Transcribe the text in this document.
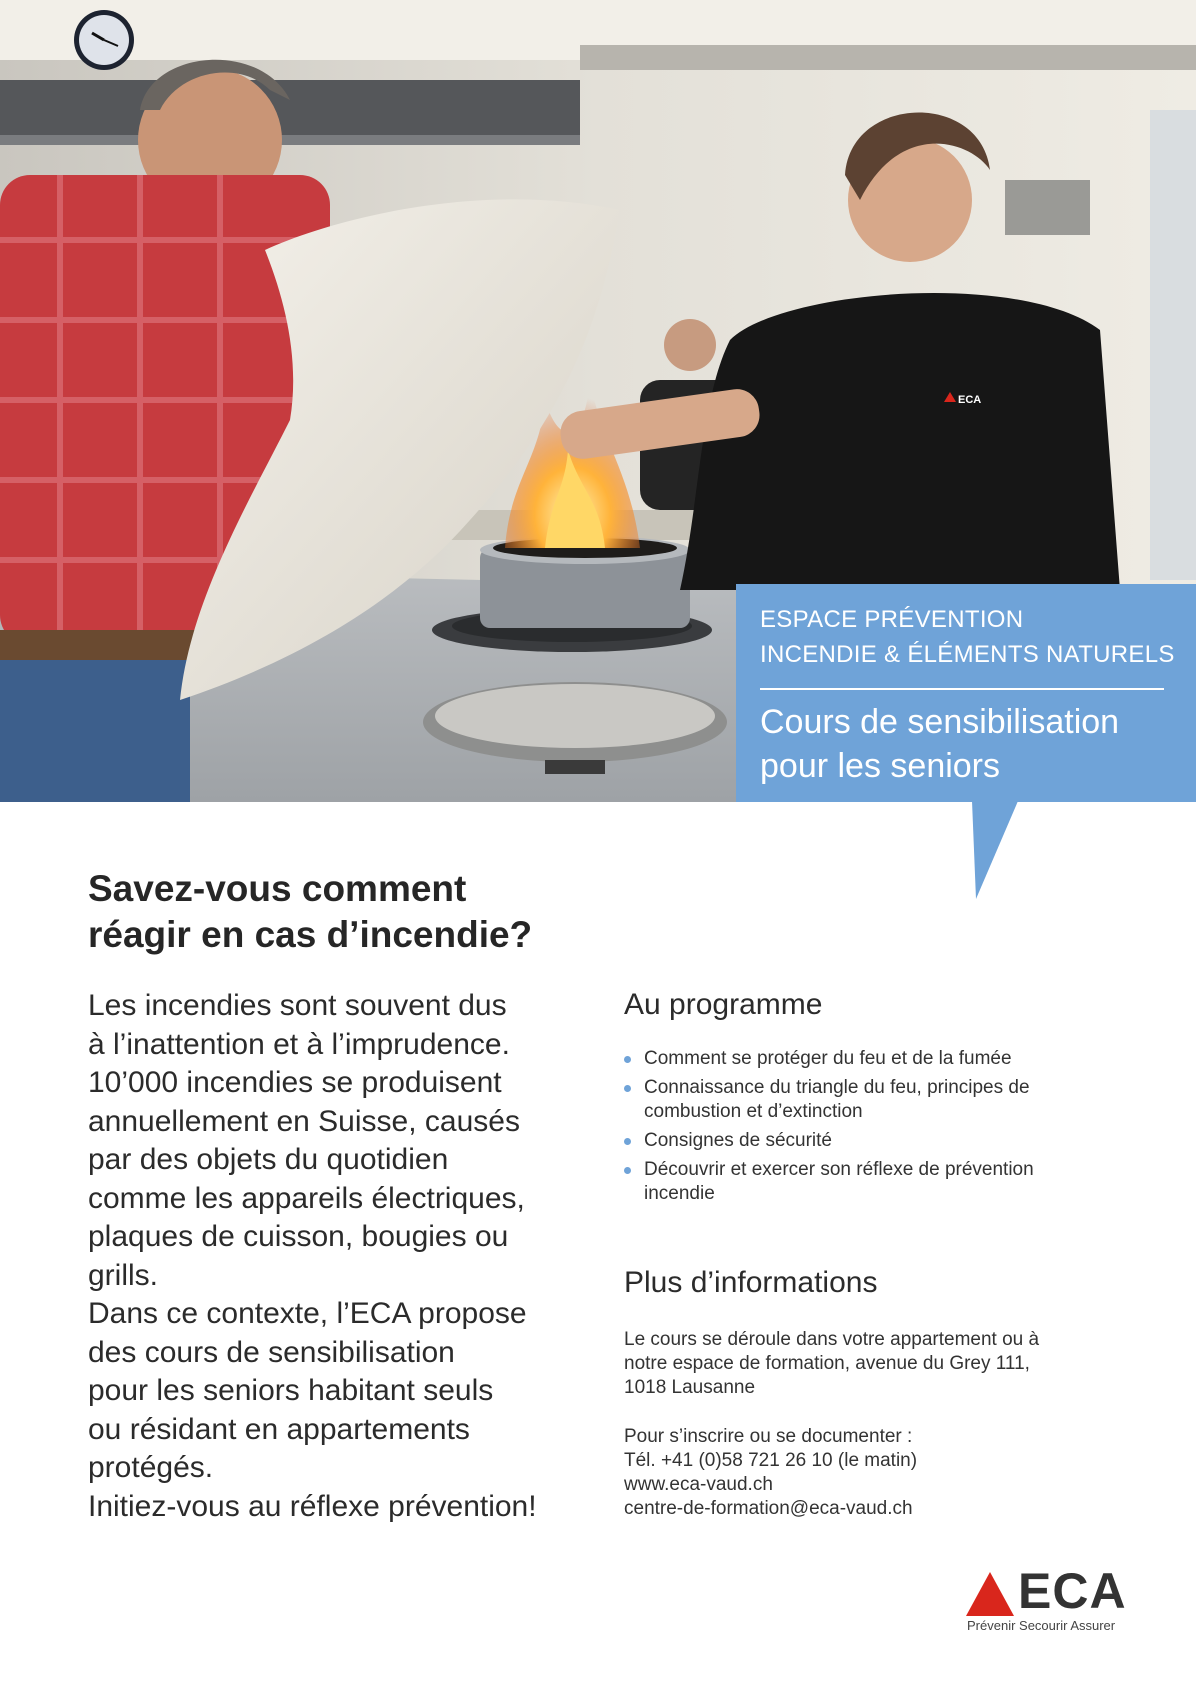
ECA
ESPACE PRÉVENTION
INCENDIE & ÉLÉMENTS NATURELS
Cours de sensibilisation
pour les seniors
Savez-vous comment
réagir en cas d’incendie?
Les incendies sont souvent dus
à l’inattention et à l’imprudence.
10’000 incendies se produisent
annuellement en Suisse, causés
par des objets du quotidien
comme les appareils électriques,
plaques de cuisson, bougies ou
grills.
Dans ce contexte, l’ECA propose
des cours de sensibilisation
pour les seniors habitant seuls
ou résidant en appartements
protégés.
Initiez-vous au réflexe prévention!
Au programme
Comment se protéger du feu et de la fumée
Connaissance du triangle du feu, principes de
combustion et d’extinction
Consignes de sécurité
Découvrir et exercer son réflexe de prévention
incendie
Plus d’informations
Le cours se déroule dans votre appartement ou à
notre espace de formation, avenue du Grey 111,
1018 Lausanne
Pour s’inscrire ou se documenter :
Tél. +41 (0)58 721 26 10 (le matin)
www.eca-vaud.ch
centre-de-formation@eca-vaud.ch
ECA
Prévenir Secourir Assurer
